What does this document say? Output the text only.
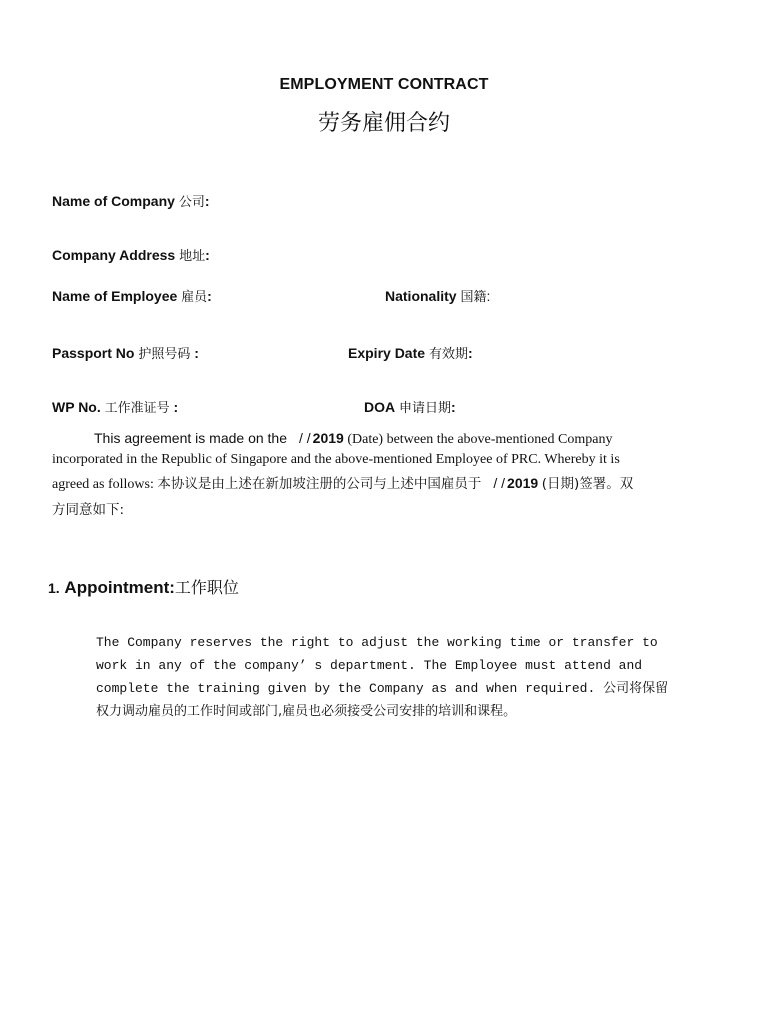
EMPLOYMENT CONTRACT
劳务雇佣合约
Name of Company 公司:
Company Address 地址:
Name of Employee 雇员:	Nationality 国籍:
Passport No 护照号码 :	Expiry Date 有效期:
WP No. 工作准证号 :	DOA 申请日期:
This agreement is made on the / / 2019 (Date) between the above-mentioned Company
incorporated in the Republic of Singapore and the above-mentioned Employee of PRC. Whereby it is
agreed as follows: 本协议是由上述在新加坡注册的公司与上述中国雇员于 / / 2019 (日期)签署。双
方同意如下:
1. Appointment:工作职位
The Company reserves the right to adjust the working time or transfer to
work in any of the company’ s department. The Employee must attend and
complete the training given by the Company as and when required. 公司将保留
权力调动雇员的工作时间或部门,雇员也必须接受公司安排的培训和课程。
